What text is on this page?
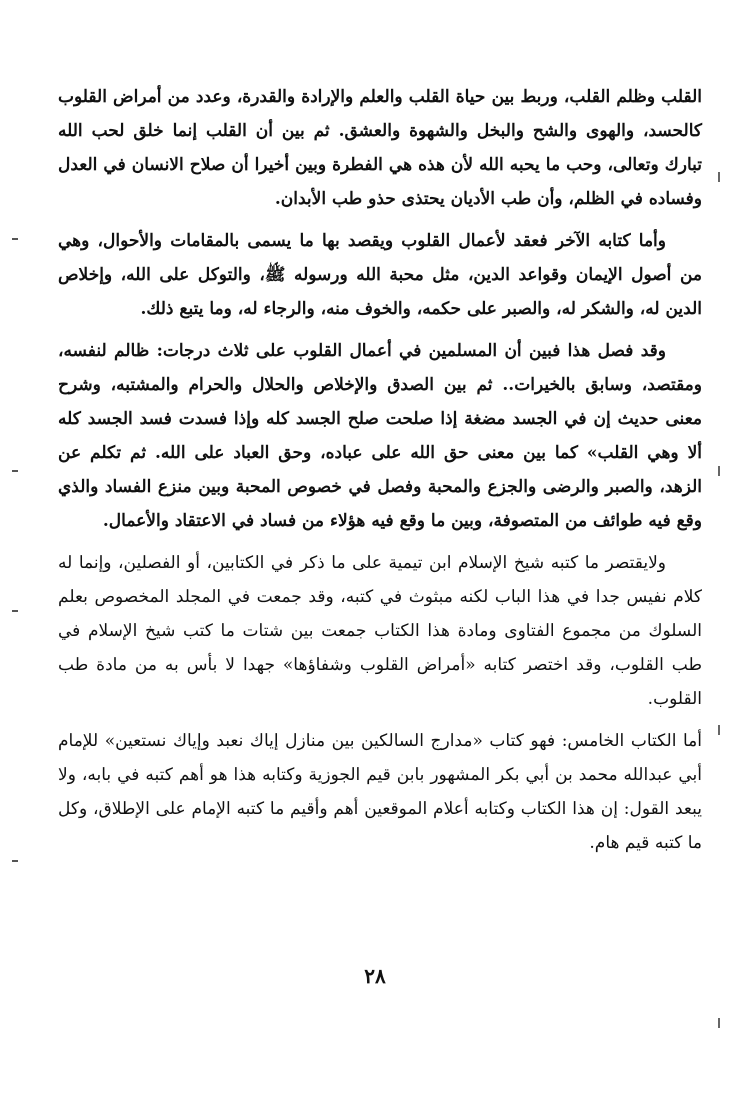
القلب وظلم القلب، وربط بين حياة القلب والعلم والإرادة والقدرة، وعدد من أمراض القلوب كالحسد، والهوى والشح والبخل والشهوة والعشق. ثم بين أن القلب إنما خلق لحب الله تبارك وتعالى، وحب ما يحبه الله لأن هذه هي الفطرة وبين أخيرا أن صلاح الانسان في العدل وفساده في الظلم، وأن طب الأديان يحتذى حذو طب الأبدان.

وأما كتابه الآخر فعقد لأعمال القلوب ويقصد بها ما يسمى بالمقامات والأحوال، وهي من أصول الإيمان وقواعد الدين، مثل محبة الله ورسوله ﷺ، والتوكل على الله، وإخلاص الدين له، والشكر له، والصبر على حكمه، والخوف منه، والرجاء له، وما يتبع ذلك.

وقد فصل هذا فبين أن المسلمين في أعمال القلوب على ثلاث درجات: ظالم لنفسه، ومقتصد، وسابق بالخيرات.. ثم بين الصدق والإخلاص والحلال والحرام والمشتبه، وشرح معنى حديث إن في الجسد مضغة إذا صلحت صلح الجسد كله وإذا فسدت فسد الجسد كله ألا وهي القلب» كما بين معنى حق الله على عباده، وحق العباد على الله. ثم تكلم عن الزهد، والصبر والرضى والجزع والمحبة وفصل في خصوص المحبة وبين منزع الفساد والذي وقع فيه طوائف من المتصوفة، وبين ما وقع فيه هؤلاء من فساد في الاعتقاد والأعمال.

ولايقتصر ما كتبه شيخ الإسلام ابن تيمية على ما ذكر في الكتابين، أو الفصلين، وإنما له كلام نفيس جدا في هذا الباب لكنه مبثوث في كتبه، وقد جمعت في المجلد المخصوص بعلم السلوك من مجموع الفتاوى ومادة هذا الكتاب جمعت بين شتات ما كتب شيخ الإسلام في طب القلوب، وقد اختصر كتابه «أمراض القلوب وشفاؤها» جهدا لا بأس به من مادة طب القلوب.

أما الكتاب الخامس: فهو كتاب «مدارج السالكين بين منازل إياك نعبد وإياك نستعين» للإمام أبي عبدالله محمد بن أبي بكر المشهور بابن قيم الجوزية وكتابه هذا هو أهم كتبه في بابه، ولا يبعد القول: إن هذا الكتاب وكتابه أعلام الموقعين أهم وأقيم ما كتبه الإمام على الإطلاق، وكل ما كتبه قيم هام.

٢٨
